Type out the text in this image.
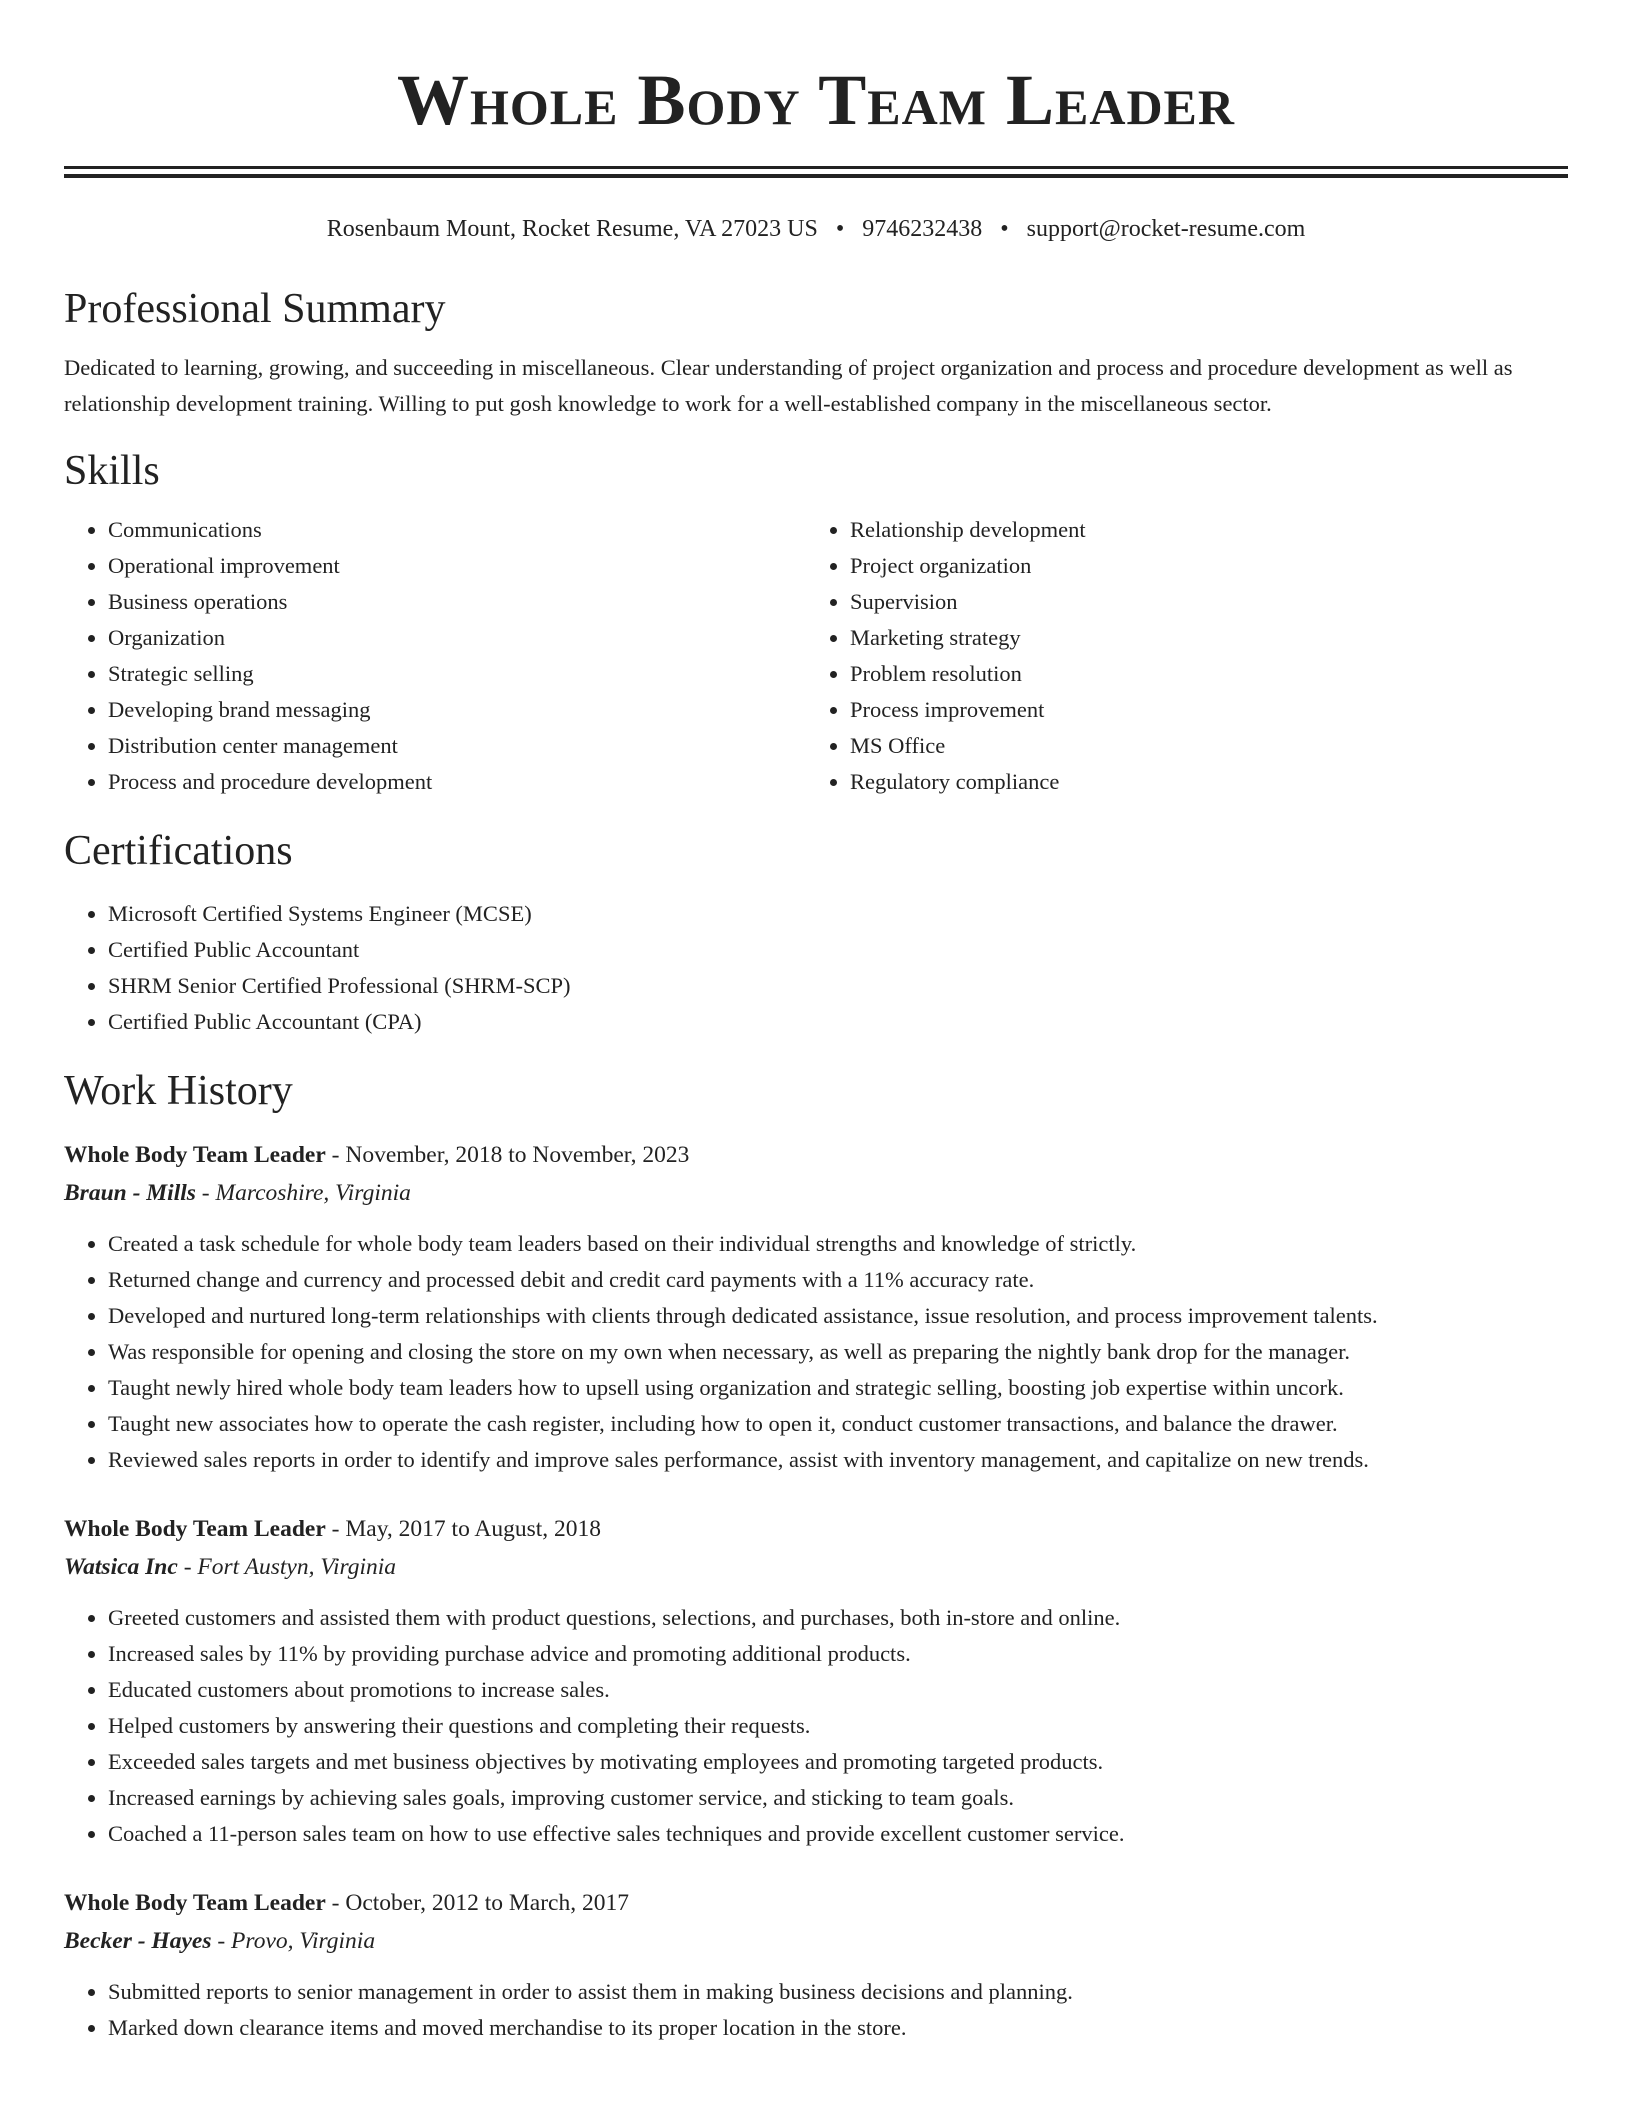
Whole Body Team Leader
Rosenbaum Mount, Rocket Resume, VA 27023 US • 9746232438 • support@rocket-resume.com
Professional Summary

Dedicated to learning, growing, and succeeding in miscellaneous. Clear understanding of project organization and process and procedure development as well as relationship development training. Willing to put gosh knowledge to work for a well-established company in the miscellaneous sector.

Skills
• Communications
• Operational improvement
• Business operations
• Organization
• Strategic selling
• Developing brand messaging
• Distribution center management
• Process and procedure development
• Relationship development
• Project organization
• Supervision
• Marketing strategy
• Problem resolution
• Process improvement
• MS Office
• Regulatory compliance
Certifications
• Microsoft Certified Systems Engineer (MCSE)
• Certified Public Accountant
• SHRM Senior Certified Professional (SHRM-SCP)
• Certified Public Accountant (CPA)
Work History
Whole Body Team Leader - November, 2018 to November, 2023
Braun - Mills - Marcoshire, Virginia
• Created a task schedule for whole body team leaders based on their individual strengths and knowledge of strictly.
• Returned change and currency and processed debit and credit card payments with a 11% accuracy rate.
• Developed and nurtured long-term relationships with clients through dedicated assistance, issue resolution, and process improvement talents.
• Was responsible for opening and closing the store on my own when necessary, as well as preparing the nightly bank drop for the manager.
• Taught newly hired whole body team leaders how to upsell using organization and strategic selling, boosting job expertise within uncork.
• Taught new associates how to operate the cash register, including how to open it, conduct customer transactions, and balance the drawer.
• Reviewed sales reports in order to identify and improve sales performance, assist with inventory management, and capitalize on new trends.
Whole Body Team Leader - May, 2017 to August, 2018
Watsica Inc - Fort Austyn, Virginia
• Greeted customers and assisted them with product questions, selections, and purchases, both in-store and online.
• Increased sales by 11% by providing purchase advice and promoting additional products.
• Educated customers about promotions to increase sales.
• Helped customers by answering their questions and completing their requests.
• Exceeded sales targets and met business objectives by motivating employees and promoting targeted products.
• Increased earnings by achieving sales goals, improving customer service, and sticking to team goals.
• Coached a 11-person sales team on how to use effective sales techniques and provide excellent customer service.
Whole Body Team Leader - October, 2012 to March, 2017
Becker - Hayes - Provo, Virginia
• Submitted reports to senior management in order to assist them in making business decisions and planning.
• Marked down clearance items and moved merchandise to its proper location in the store.
